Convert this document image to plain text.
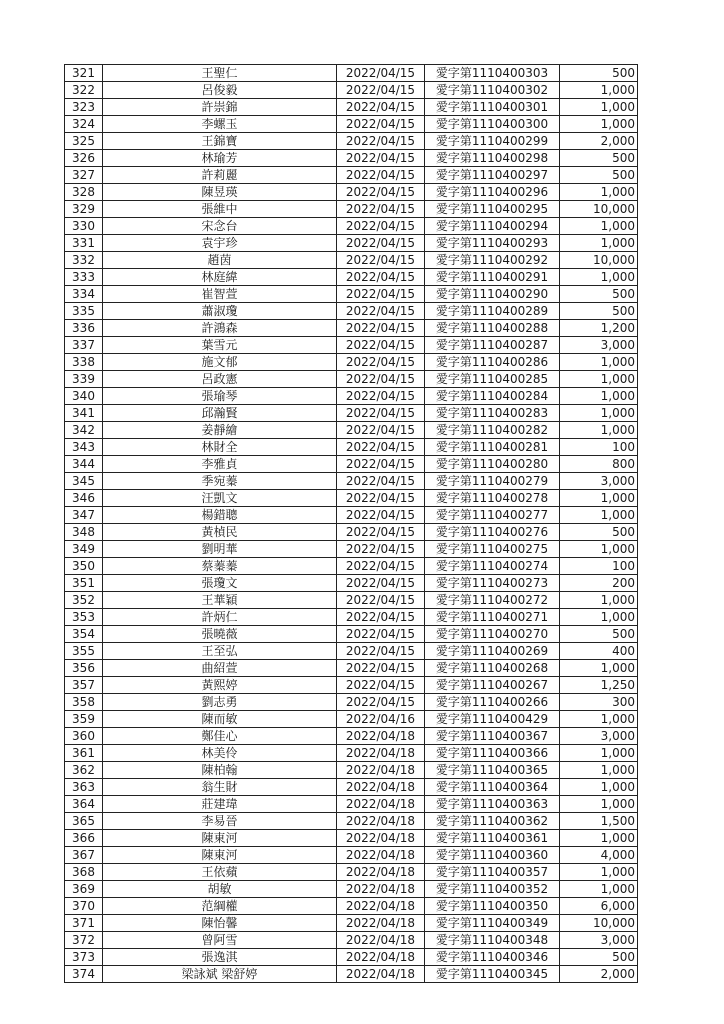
321	王聖仁	2022/04/15	愛字第1110400303	500
322	呂俊毅	2022/04/15	愛字第1110400302	1,000
323	許崇錦	2022/04/15	愛字第1110400301	1,000
324	李螺玉	2022/04/15	愛字第1110400300	1,000
325	王錦寶	2022/04/15	愛字第1110400299	2,000
326	林瑜芳	2022/04/15	愛字第1110400298	500
327	許莉麗	2022/04/15	愛字第1110400297	500
328	陳昱瑛	2022/04/15	愛字第1110400296	1,000
329	張維中	2022/04/15	愛字第1110400295	10,000
330	宋念台	2022/04/15	愛字第1110400294	1,000
331	袁宇珍	2022/04/15	愛字第1110400293	1,000
332	趙茵	2022/04/15	愛字第1110400292	10,000
333	林庭緯	2022/04/15	愛字第1110400291	1,000
334	崔智萱	2022/04/15	愛字第1110400290	500
335	蕭淑瓊	2022/04/15	愛字第1110400289	500
336	許鴻森	2022/04/15	愛字第1110400288	1,200
337	葉雪元	2022/04/15	愛字第1110400287	3,000
338	施文郁	2022/04/15	愛字第1110400286	1,000
339	呂政憲	2022/04/15	愛字第1110400285	1,000
340	張瑜琴	2022/04/15	愛字第1110400284	1,000
341	邱瀚賢	2022/04/15	愛字第1110400283	1,000
342	姜靜繪	2022/04/15	愛字第1110400282	1,000
343	林財全	2022/04/15	愛字第1110400281	100
344	李雅貞	2022/04/15	愛字第1110400280	800
345	季宛蓁	2022/04/15	愛字第1110400279	3,000
346	汪凱文	2022/04/15	愛字第1110400278	1,000
347	楊錯聰	2022/04/15	愛字第1110400277	1,000
348	黃楨民	2022/04/15	愛字第1110400276	500
349	劉明華	2022/04/15	愛字第1110400275	1,000
350	蔡蓁蓁	2022/04/15	愛字第1110400274	100
351	張瓊文	2022/04/15	愛字第1110400273	200
352	王華穎	2022/04/15	愛字第1110400272	1,000
353	許炳仁	2022/04/15	愛字第1110400271	1,000
354	張曉薇	2022/04/15	愛字第1110400270	500
355	王至弘	2022/04/15	愛字第1110400269	400
356	曲紹萱	2022/04/15	愛字第1110400268	1,000
357	黃熙婷	2022/04/15	愛字第1110400267	1,250
358	劉志勇	2022/04/15	愛字第1110400266	300
359	陳而敏	2022/04/16	愛字第1110400429	1,000
360	鄭佳心	2022/04/18	愛字第1110400367	3,000
361	林美伶	2022/04/18	愛字第1110400366	1,000
362	陳柏翰	2022/04/18	愛字第1110400365	1,000
363	翁生財	2022/04/18	愛字第1110400364	1,000
364	莊建瑋	2022/04/18	愛字第1110400363	1,000
365	李易晉	2022/04/18	愛字第1110400362	1,500
366	陳東河	2022/04/18	愛字第1110400361	1,000
367	陳東河	2022/04/18	愛字第1110400360	4,000
368	王依蘋	2022/04/18	愛字第1110400357	1,000
369	胡敏	2022/04/18	愛字第1110400352	1,000
370	范綱權	2022/04/18	愛字第1110400350	6,000
371	陳怡馨	2022/04/18	愛字第1110400349	10,000
372	曾阿雪	2022/04/18	愛字第1110400348	3,000
373	張逸淇	2022/04/18	愛字第1110400346	500
374	梁詠斌 梁舒婷	2022/04/18	愛字第1110400345	2,000
